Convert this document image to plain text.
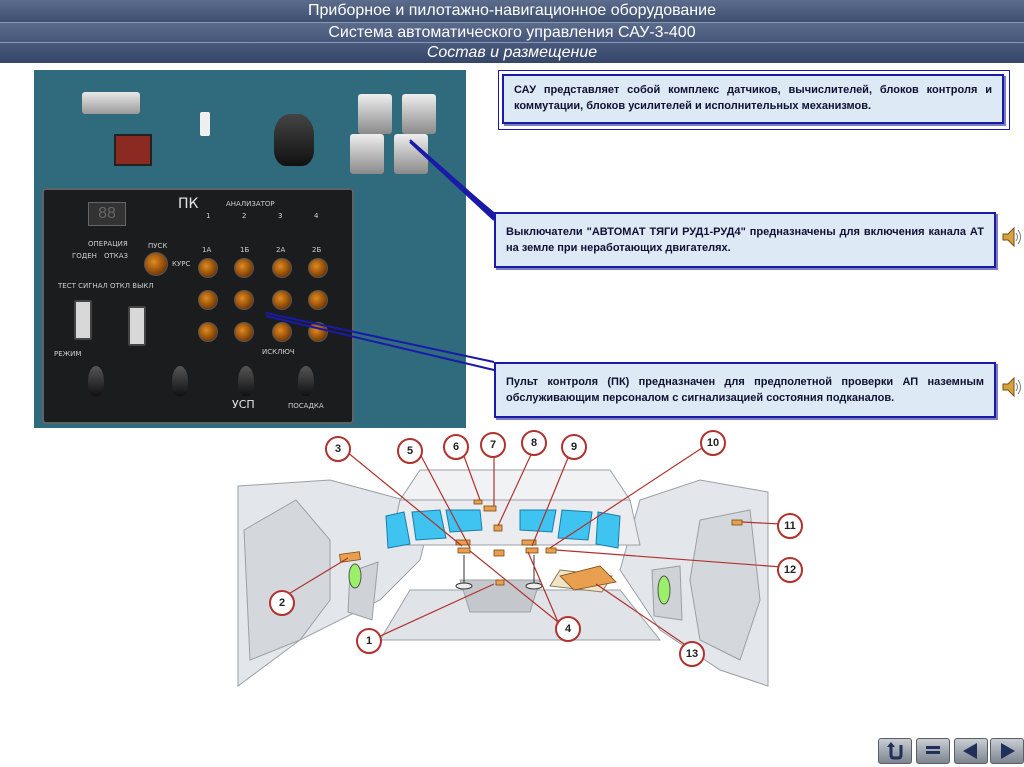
Приборное и пилотажно-навигационное оборудование
Система автоматического управления САУ-3-400
Состав и размещение
88
ПК	АНАЛИЗАТОР
1	2	3	4
ОПЕРАЦИЯ
ГОДЕН ОТКАЗ
ПУСК
КУРС
1А	1Б	2А	2Б
ТЕСТ СИГНАЛ ОТКЛ ВЫКЛ
РЕЖИМ	ИСКЛЮЧ
УСП	ПОСАДКА
САУ представляет собой комплекс датчиков, вычислителей, блоков контроля и коммутации, блоков усилителей и исполнительных механизмов.
Выключатели "АВТОМАТ ТЯГИ РУД1-РУД4" предназначены для включения канала АТ на земле при неработающих двигателях.
Пульт контроля (ПК) предназначен для предполетной проверки АП наземным обслуживающим персоналом с сигнализацией состояния подканалов.
3	5	6	7	8	9	10
11
12
2
1
4
13
